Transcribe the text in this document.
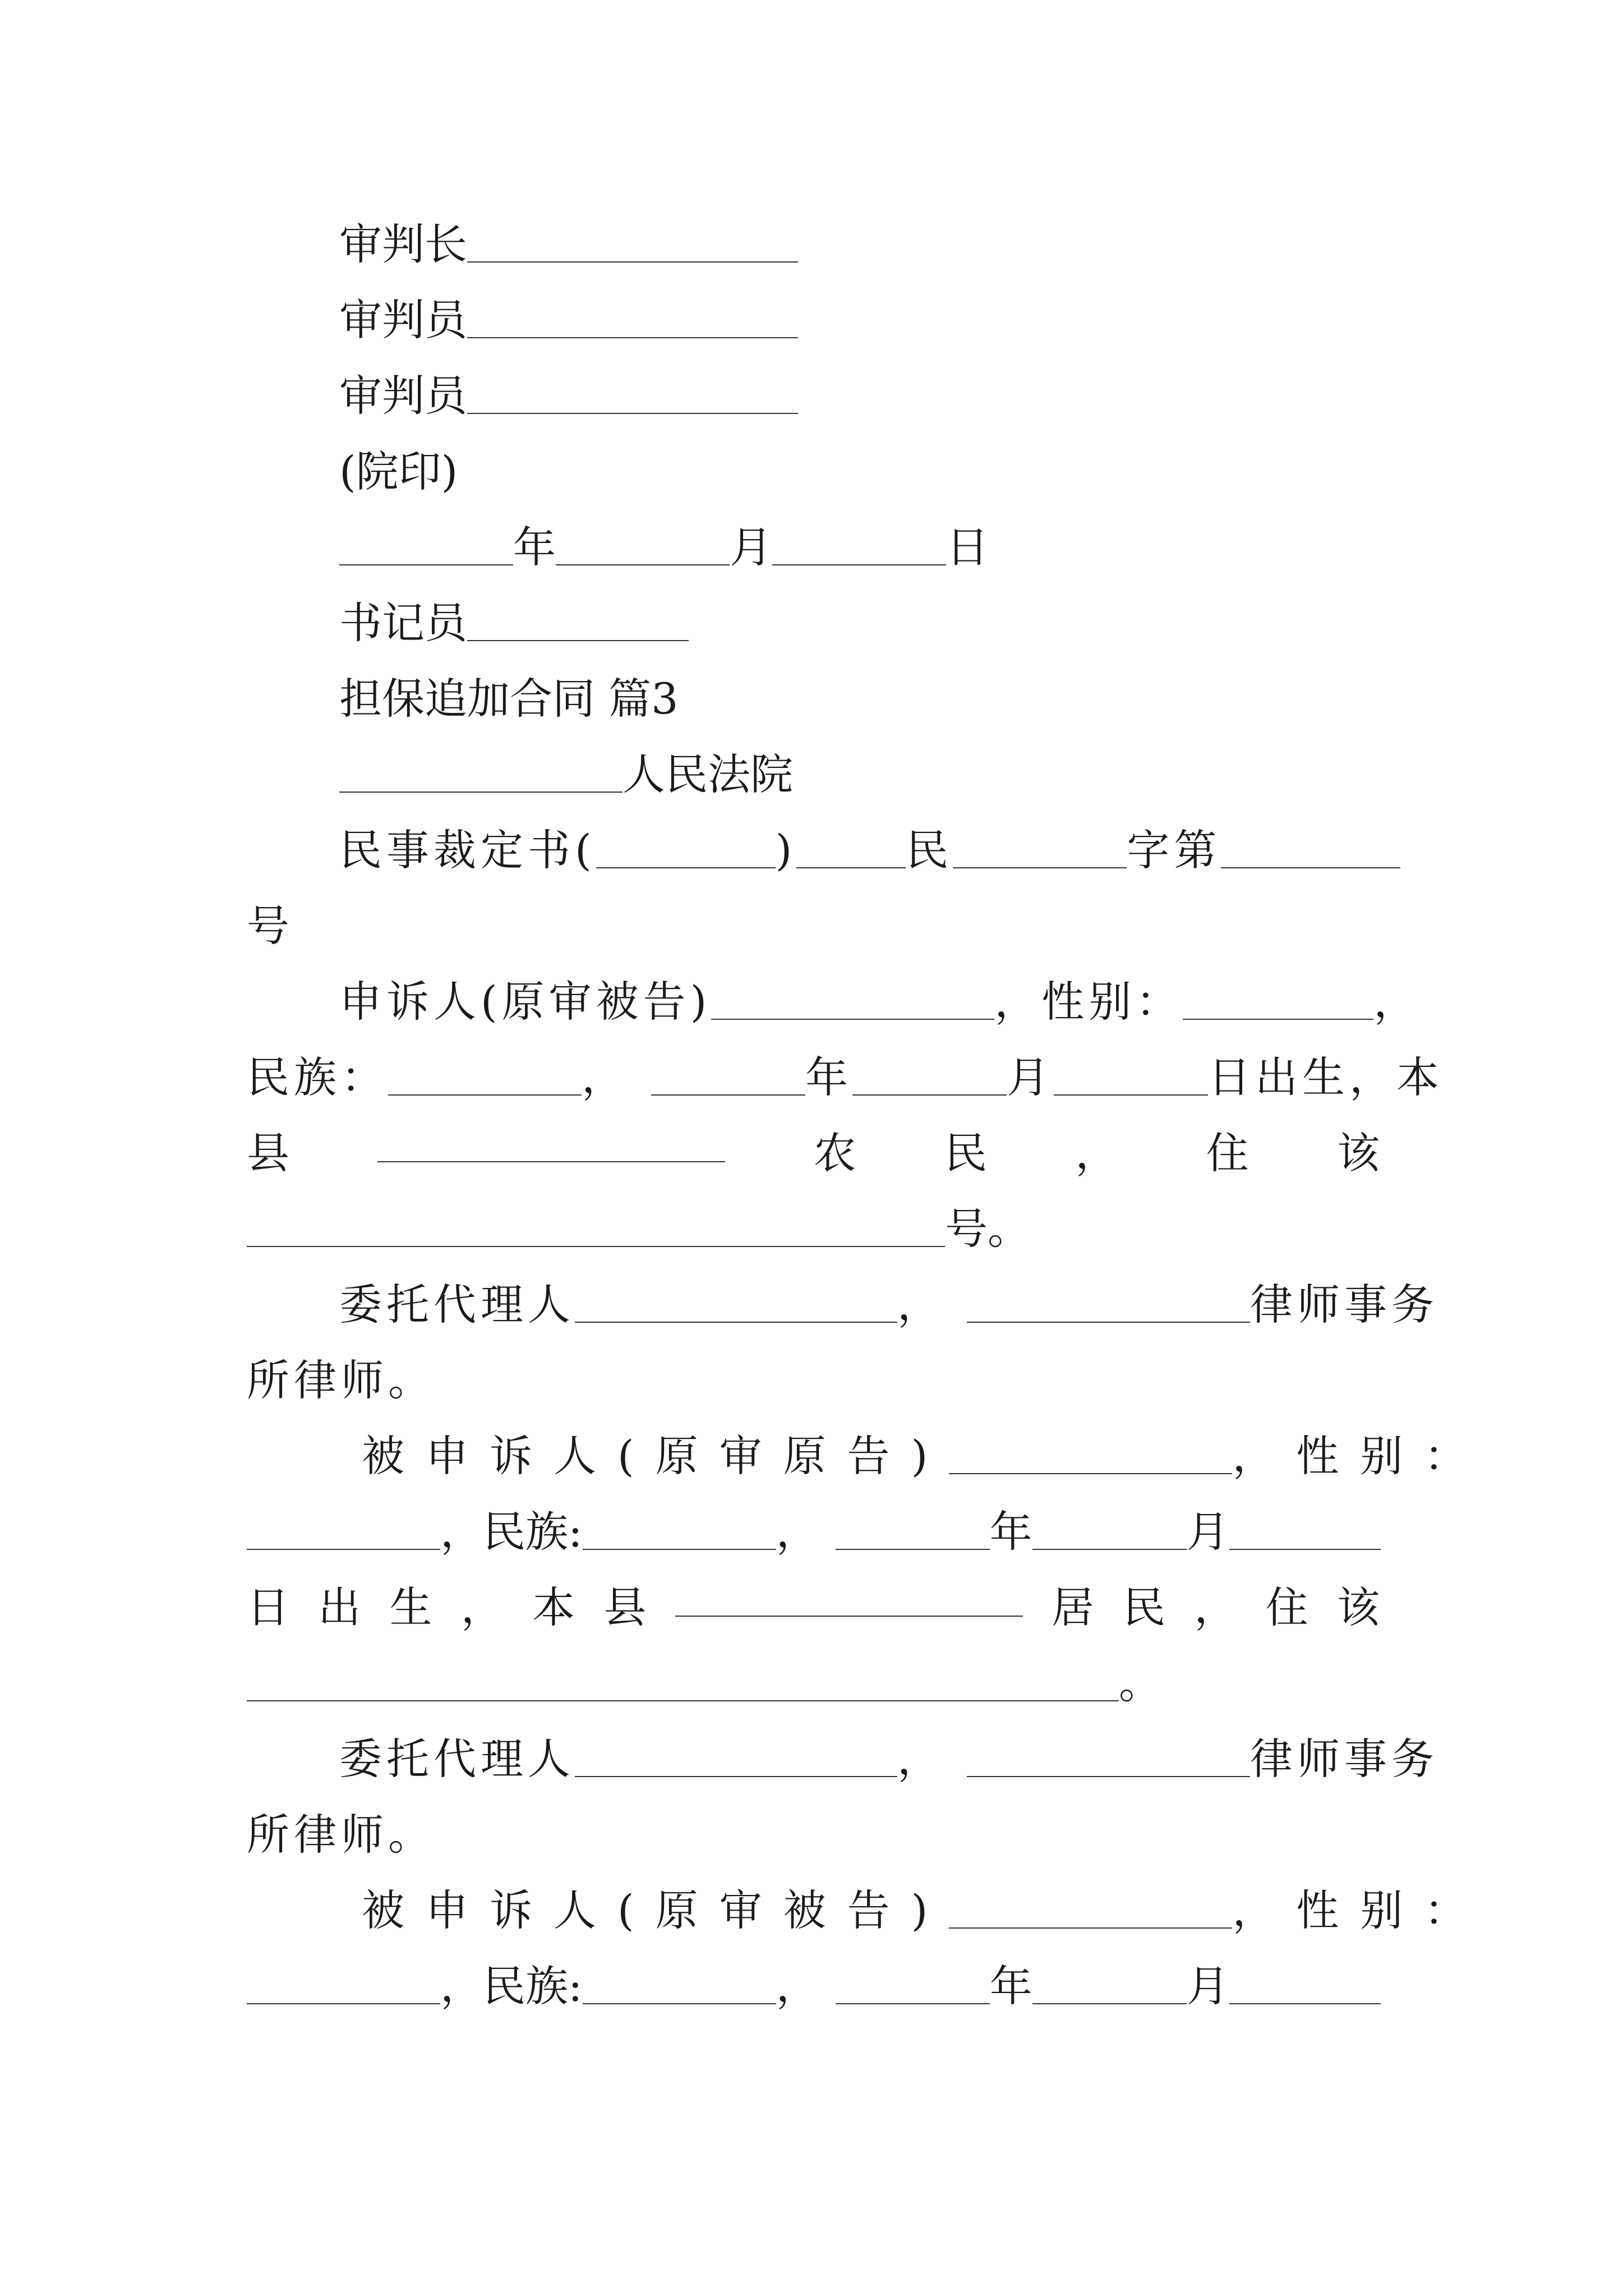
审判长
审判员
审判员
(院印)
年	月	日
书记员
担保追加合同 篇3
人民法院
民事裁定书(	)	民	字第
号
申诉人(原审被告)	，性别：	，
民族：	，	年	月	日出生，本
县	农 民 ， 住 该
号。
委托代理人	，	律师事务
所律师。
被申诉人(原审原告)	，性别：
，民族:	，	年	月
日 出 生 ， 本 县	居 民 ， 住 该
。
委托代理人	，	律师事务
所律师。
被申诉人(原审被告)	，性别：
，民族:	，	年	月
